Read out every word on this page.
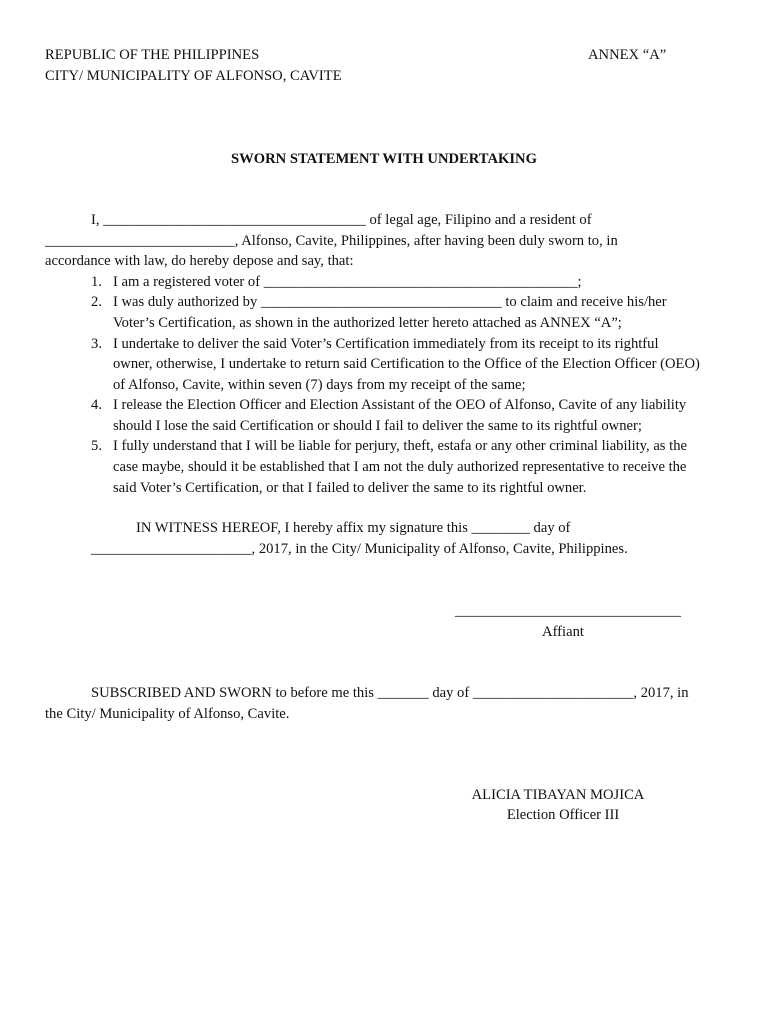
REPUBLIC OF THE PHILIPPINES	ANNEX “A”
CITY/ MUNICIPALITY OF ALFONSO, CAVITE
SWORN STATEMENT WITH UNDERTAKING
I, ____________________________________ of legal age, Filipino and a resident of
__________________________, Alfonso, Cavite, Philippines, after having been duly sworn to, in
accordance with law, do hereby depose and say, that:
1. I am a registered voter of ___________________________________________;
2. I was duly authorized by _________________________________ to claim and receive his/her
Voter’s Certification, as shown in the authorized letter hereto attached as ANNEX “A”;
3. I undertake to deliver the said Voter’s Certification immediately from its receipt to its rightful
owner, otherwise, I undertake to return said Certification to the Office of the Election Officer (OEO)
of Alfonso, Cavite, within seven (7) days from my receipt of the same;
4. I release the Election Officer and Election Assistant of the OEO of Alfonso, Cavite of any liability
should I lose the said Certification or should I fail to deliver the same to its rightful owner;
5. I fully understand that I will be liable for perjury, theft, estafa or any other criminal liability, as the
case maybe, should it be established that I am not the duly authorized representative to receive the
said Voter’s Certification, or that I failed to deliver the same to its rightful owner.
IN WITNESS HEREOF, I hereby affix my signature this ________ day of
______________________, 2017, in the City/ Municipality of Alfonso, Cavite, Philippines.
_______________________________
Affiant
SUBSCRIBED AND SWORN to before me this _______ day of ______________________, 2017, in
the City/ Municipality of Alfonso, Cavite.
ALICIA TIBAYAN MOJICA
Election Officer III
